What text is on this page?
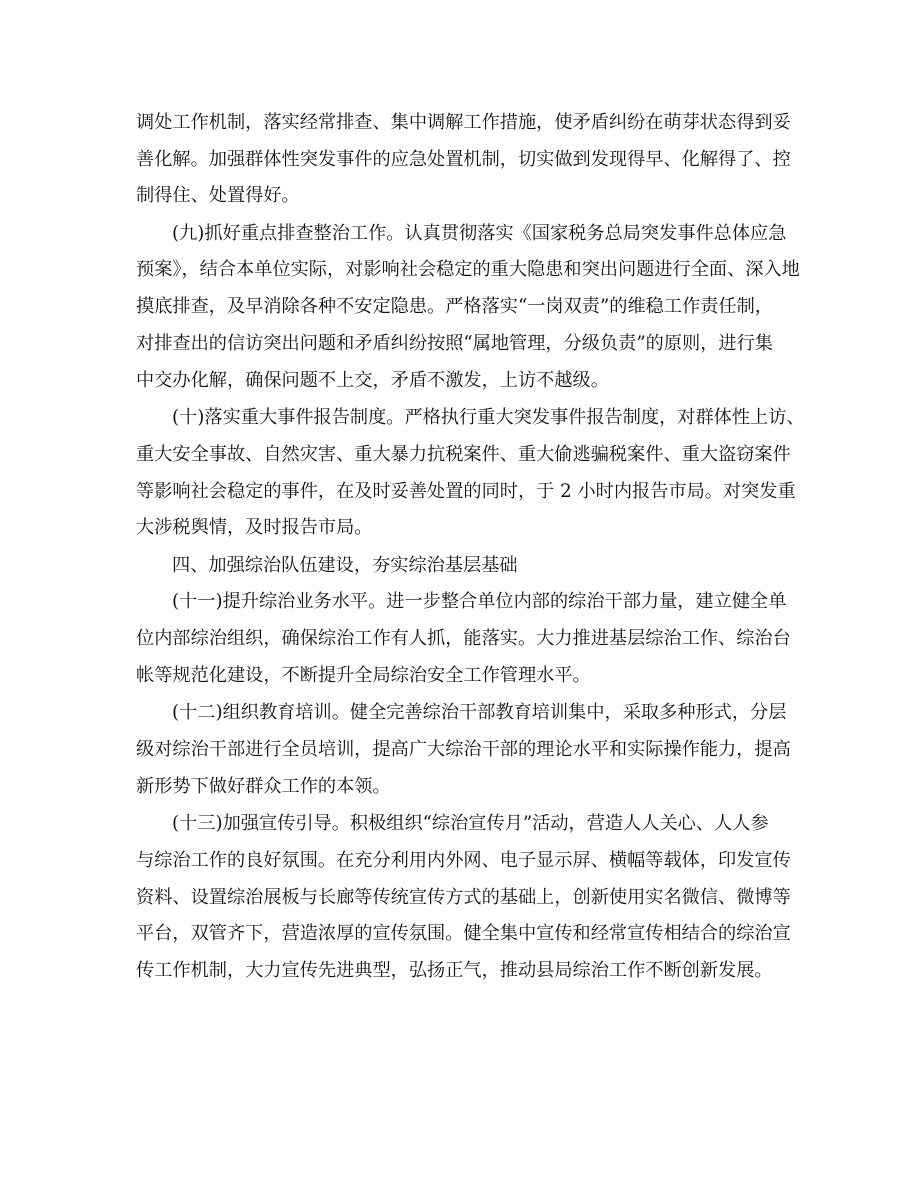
调处工作机制，落实经常排查、集中调解工作措施，使矛盾纠纷在萌芽状态得到妥

善化解。加强群体性突发事件的应急处置机制，切实做到发现得早、化解得了、控

制得住、处置得好。

(九)抓好重点排查整治工作。认真贯彻落实《国家税务总局突发事件总体应急

预案》，结合本单位实际，对影响社会稳定的重大隐患和突出问题进行全面、深入地

摸底排查，及早消除各种不安定隐患。严格落实“一岗双责”的维稳工作责任制，

对排查出的信访突出问题和矛盾纠纷按照“属地管理，分级负责”的原则，进行集

中交办化解，确保问题不上交，矛盾不激发，上访不越级。

(十)落实重大事件报告制度。严格执行重大突发事件报告制度，对群体性上访、

重大安全事故、自然灾害、重大暴力抗税案件、重大偷逃骗税案件、重大盗窃案件

等影响社会稳定的事件，在及时妥善处置的同时，于 2 小时内报告市局。对突发重

大涉税舆情，及时报告市局。

四、加强综治队伍建设，夯实综治基层基础

(十一)提升综治业务水平。进一步整合单位内部的综治干部力量，建立健全单

位内部综治组织，确保综治工作有人抓，能落实。大力推进基层综治工作、综治台

帐等规范化建设，不断提升全局综治安全工作管理水平。

(十二)组织教育培训。健全完善综治干部教育培训集中，采取多种形式，分层

级对综治干部进行全员培训，提高广大综治干部的理论水平和实际操作能力，提高

新形势下做好群众工作的本领。

(十三)加强宣传引导。积极组织“综治宣传月”活动，营造人人关心、人人参

与综治工作的良好氛围。在充分利用内外网、电子显示屏、横幅等载体，印发宣传

资料、设置综治展板与长廊等传统宣传方式的基础上，创新使用实名微信、微博等

平台，双管齐下，营造浓厚的宣传氛围。健全集中宣传和经常宣传相结合的综治宣

传工作机制，大力宣传先进典型，弘扬正气，推动县局综治工作不断创新发展。
